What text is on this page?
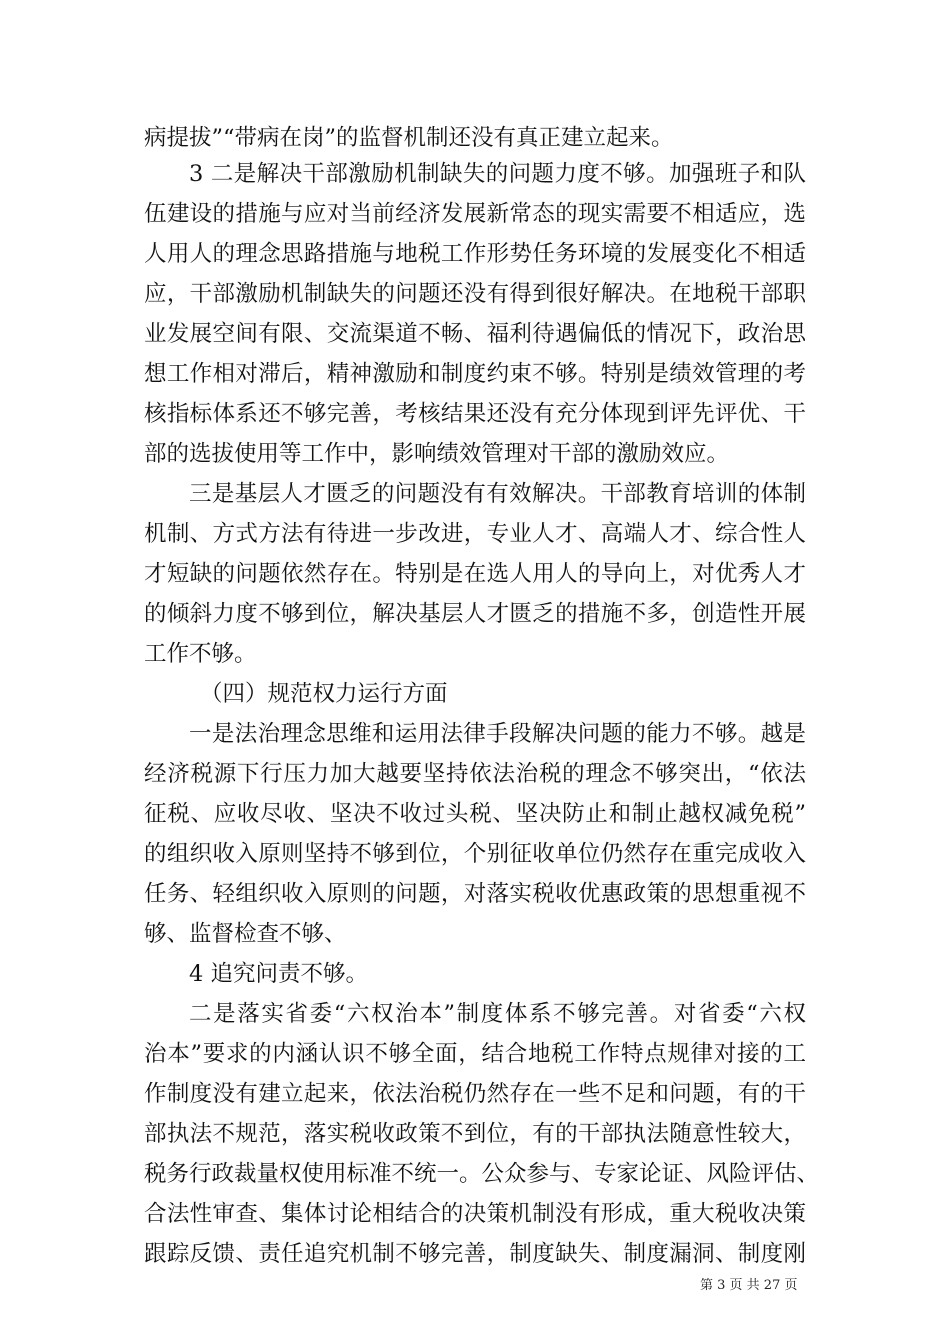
病提拔”“带病在岗”的监督机制还没有真正建立起来。
3 二是解决干部激励机制缺失的问题力度不够。加强班子和队
伍建设的措施与应对当前经济发展新常态的现实需要不相适应，选
人用人的理念思路措施与地税工作形势任务环境的发展变化不相适
应，干部激励机制缺失的问题还没有得到很好解决。在地税干部职
业发展空间有限、交流渠道不畅、福利待遇偏低的情况下，政治思
想工作相对滞后，精神激励和制度约束不够。特别是绩效管理的考
核指标体系还不够完善，考核结果还没有充分体现到评先评优、干
部的选拔使用等工作中，影响绩效管理对干部的激励效应。
三是基层人才匮乏的问题没有有效解决。干部教育培训的体制
机制、方式方法有待进一步改进，专业人才、高端人才、综合性人
才短缺的问题依然存在。特别是在选人用人的导向上，对优秀人才
的倾斜力度不够到位，解决基层人才匮乏的措施不多，创造性开展
工作不够。
（四）规范权力运行方面
一是法治理念思维和运用法律手段解决问题的能力不够。越是
经济税源下行压力加大越要坚持依法治税的理念不够突出，“依法
征税、应收尽收、坚决不收过头税、坚决防止和制止越权减免税”
的组织收入原则坚持不够到位，个别征收单位仍然存在重完成收入
任务、轻组织收入原则的问题，对落实税收优惠政策的思想重视不
够、监督检查不够、
4 追究问责不够。
二是落实省委“六权治本”制度体系不够完善。对省委“六权
治本”要求的内涵认识不够全面，结合地税工作特点规律对接的工
作制度没有建立起来，依法治税仍然存在一些不足和问题，有的干
部执法不规范，落实税收政策不到位，有的干部执法随意性较大，
税务行政裁量权使用标准不统一。公众参与、专家论证、风险评估、
合法性审查、集体讨论相结合的决策机制没有形成，重大税收决策
跟踪反馈、责任追究机制不够完善，制度缺失、制度漏洞、制度刚
第 3 页 共 27 页
